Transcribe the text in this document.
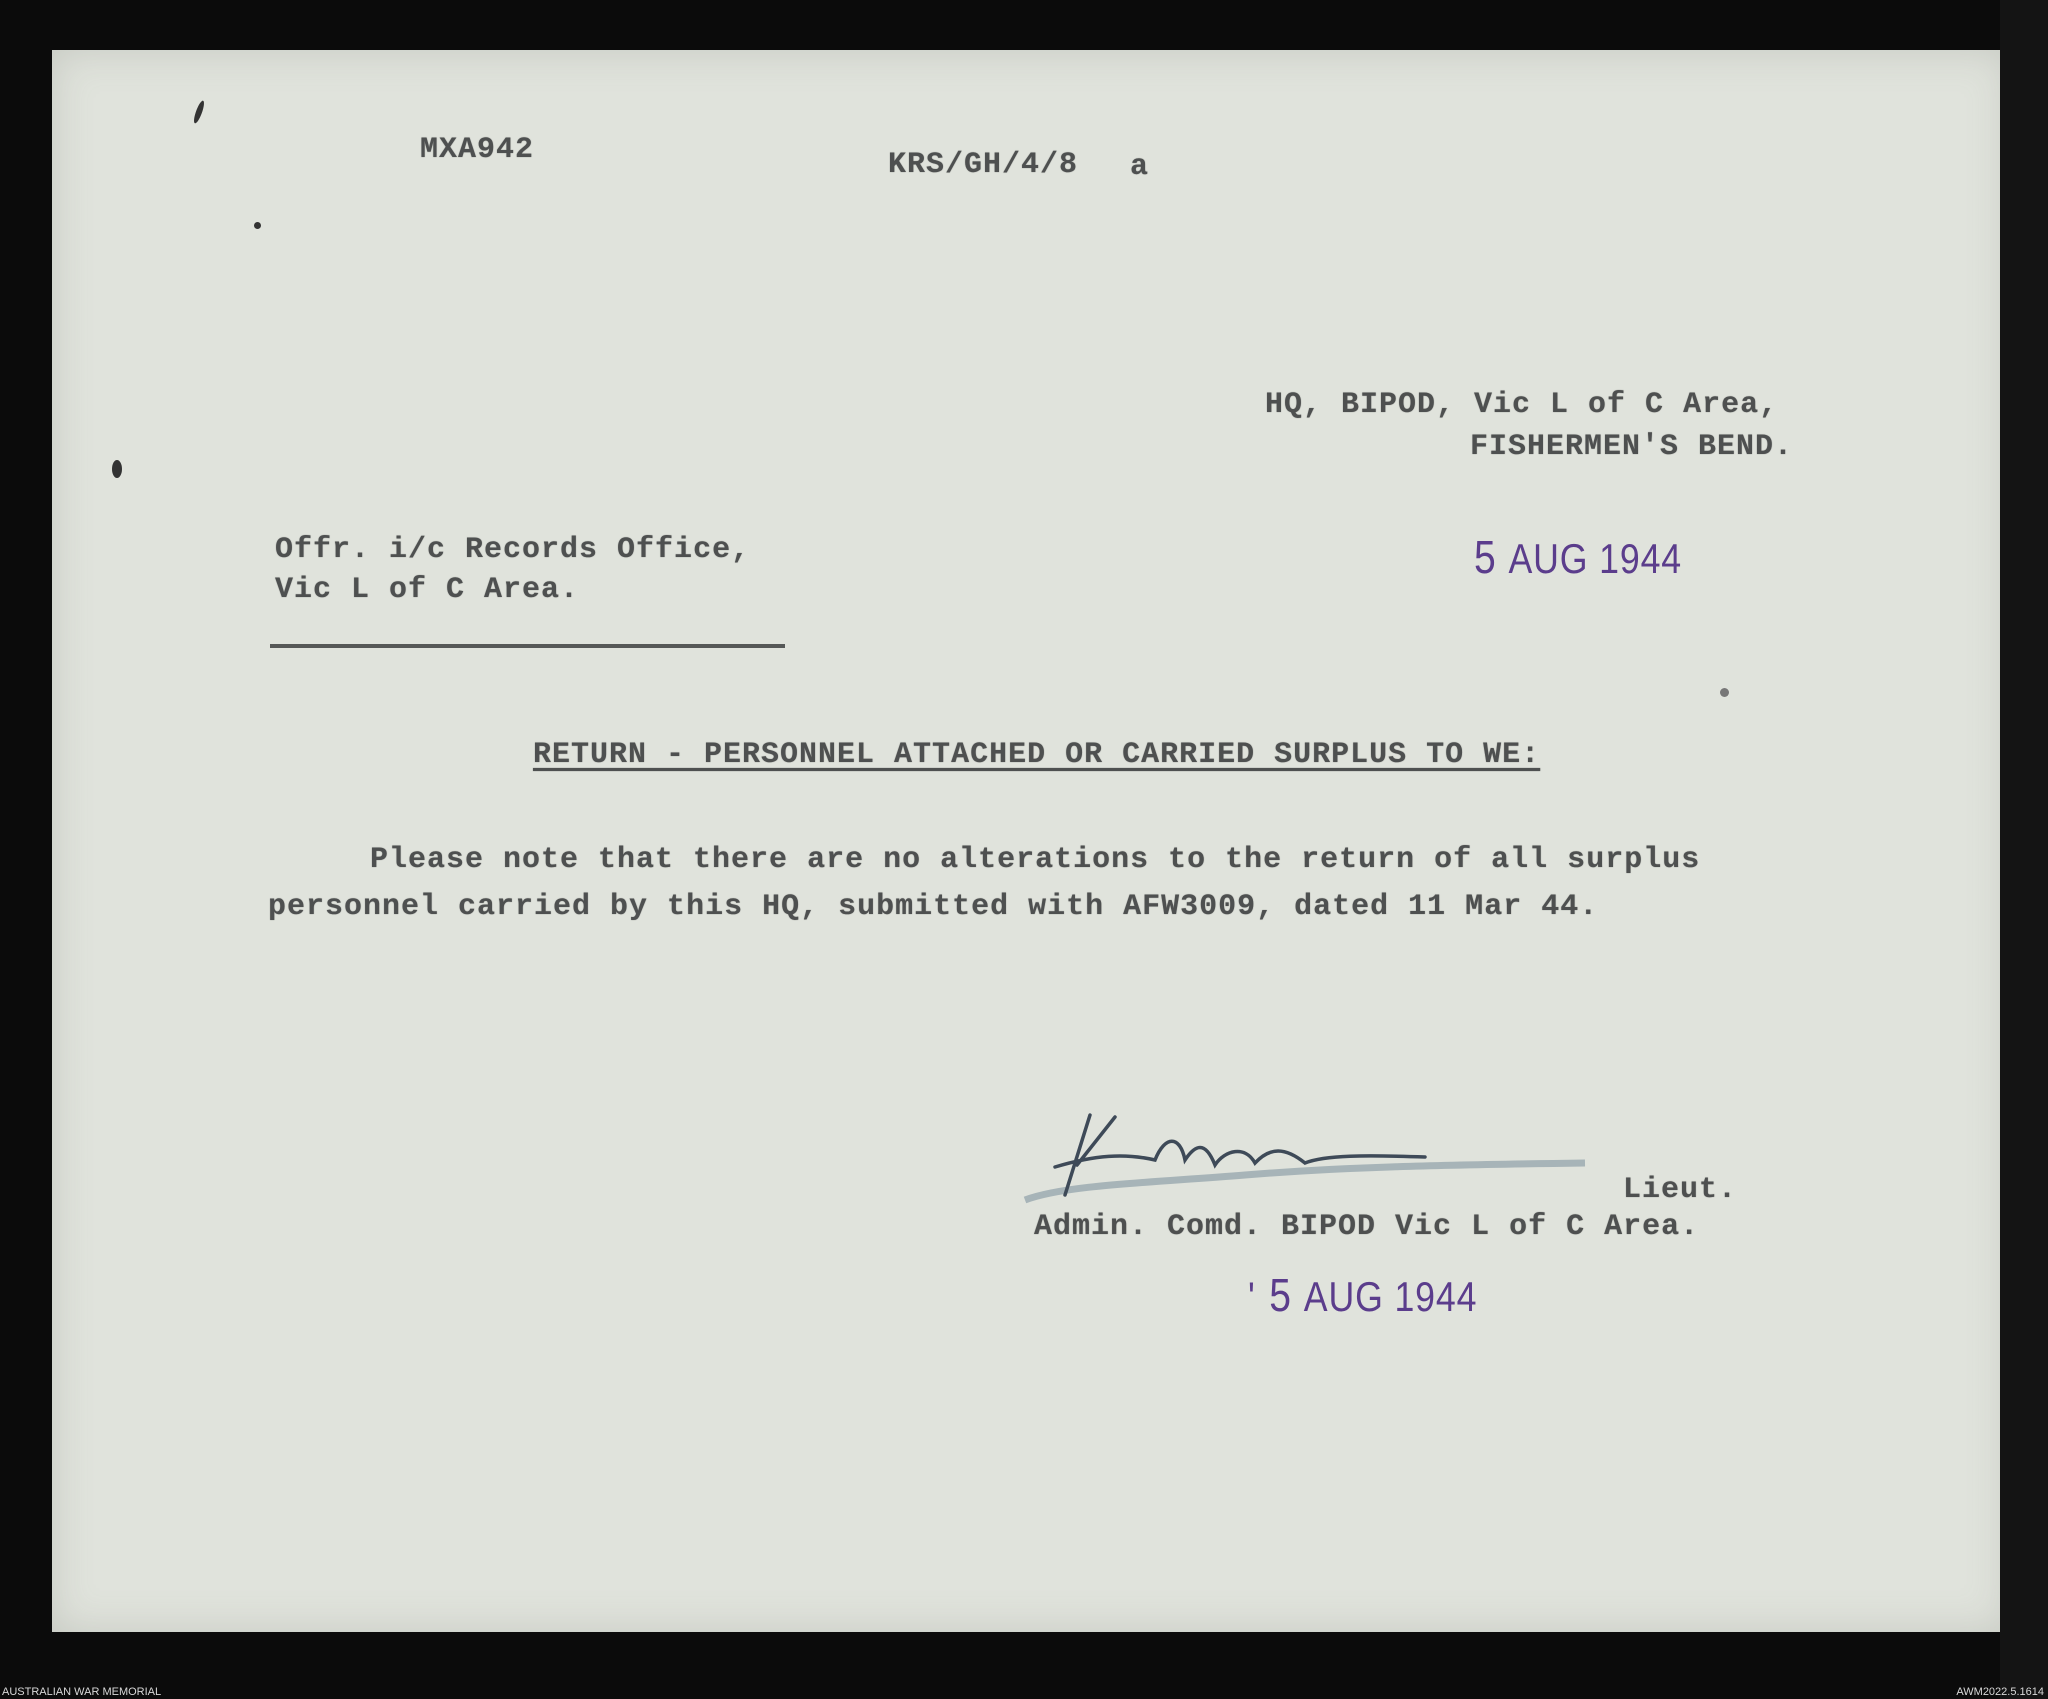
MXA942	KRS/GH/4/8 a
HQ, BIPOD, Vic L of C Area,
FISHERMEN'S BEND.
Offr. i/c Records Office,
Vic L of C Area.
5 AUG 1944
RETURN - PERSONNEL ATTACHED OR CARRIED SURPLUS TO WE:
Please note that there are no alterations to the return of all surplus
personnel carried by this HQ, submitted with AFW3009, dated 11 Mar 44.
Lieut.
Admin. Comd. BIPOD Vic L of C Area.
' 5 AUG 1944
AUSTRALIAN WAR MEMORIAL	AWM2022.5.1614
